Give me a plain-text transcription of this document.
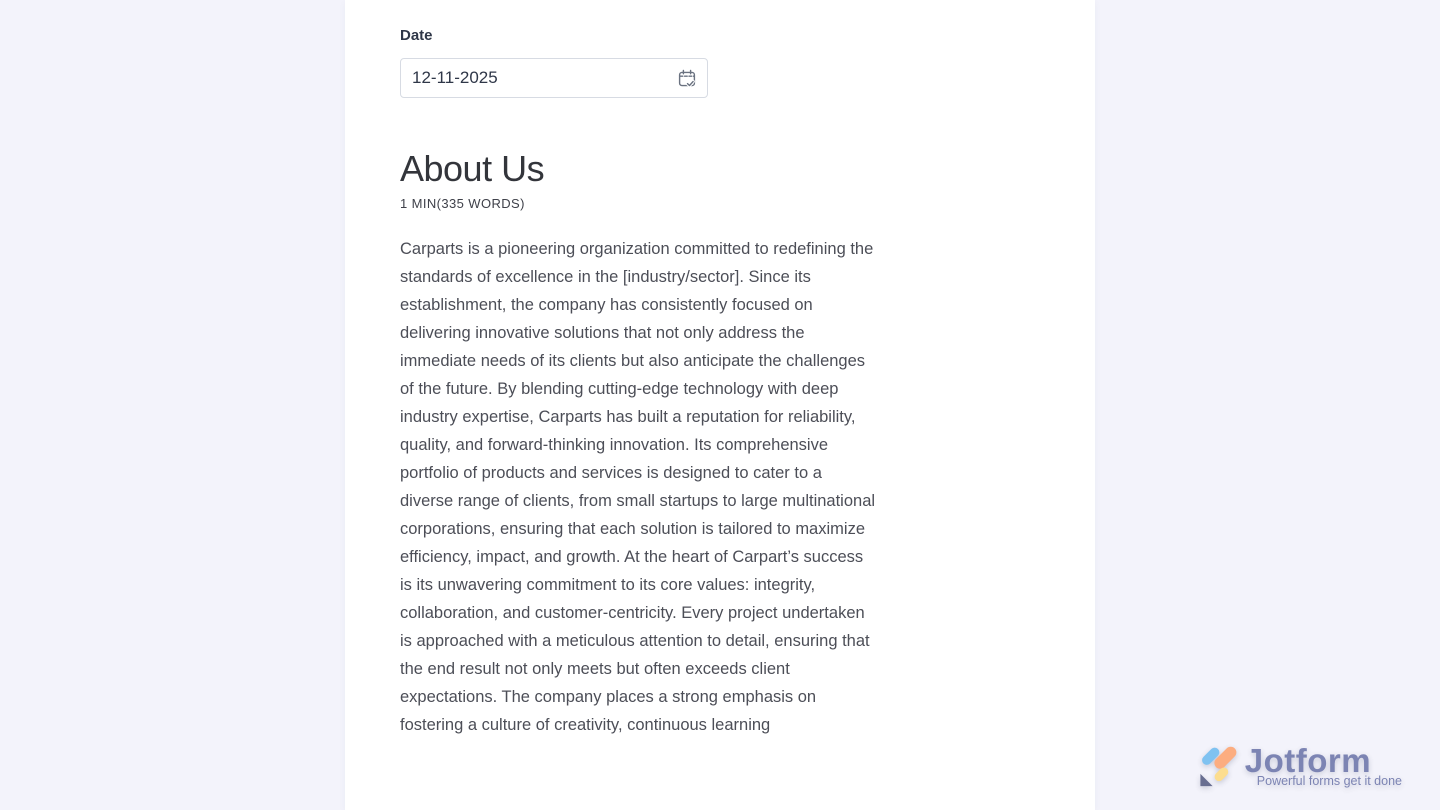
Date
12-11-2025
About Us
1 MIN(335 WORDS)

Carparts is a pioneering organization committed to redefining the standards of excellence in the [industry/sector]. Since its establishment, the company has consistently focused on delivering innovative solutions that not only address the immediate needs of its clients but also anticipate the challenges of the future. By blending cutting-edge technology with deep industry expertise, Carparts has built a reputation for reliability, quality, and forward-thinking innovation. Its comprehensive portfolio of products and services is designed to cater to a diverse range of clients, from small startups to large multinational corporations, ensuring that each solution is tailored to maximize efficiency, impact, and growth. At the heart of Carpart’s success is its unwavering commitment to its core values: integrity, collaboration, and customer-centricity. Every project undertaken is approached with a meticulous attention to detail, ensuring that the end result not only meets but often exceeds client expectations. The company places a strong emphasis on fostering a culture of creativity, continuous learning

Jotform
Powerful forms get it done
